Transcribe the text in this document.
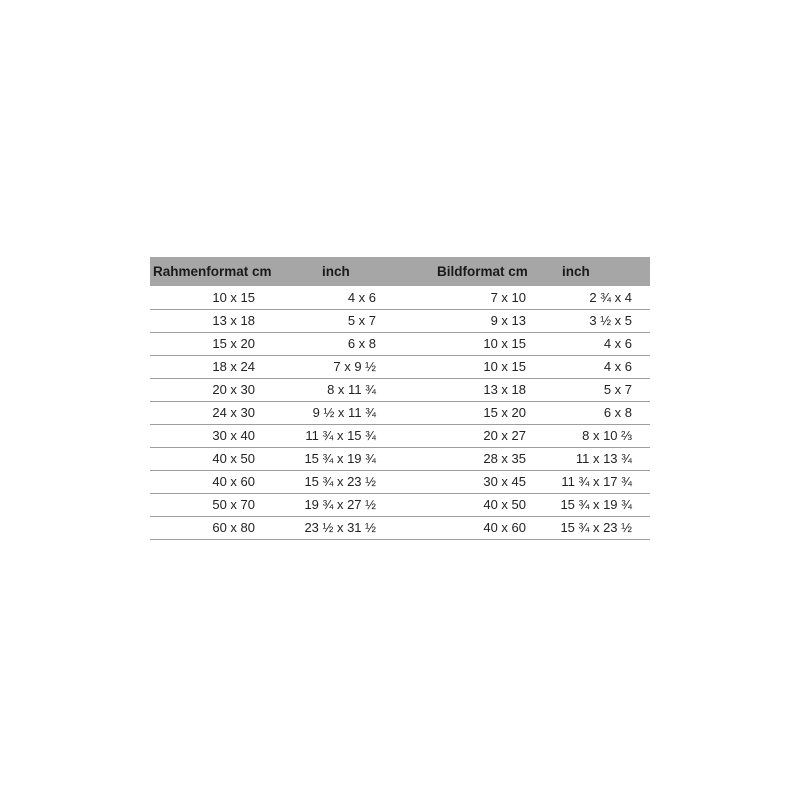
Rahmenformat cm	inch	Bildformat cm	inch
10 x 15	4 x 6	7 x 10	2 ¾ x 4
13 x 18	5 x 7	9 x 13	3 ½ x 5
15 x 20	6 x 8	10 x 15	4 x 6
18 x 24	7 x 9 ½	10 x 15	4 x 6
20 x 30	8 x 11 ¾	13 x 18	5 x 7
24 x 30	9 ½ x 11 ¾	15 x 20	6 x 8
30 x 40	11 ¾ x 15 ¾	20 x 27	8 x 10 ⅔
40 x 50	15 ¾ x 19 ¾	28 x 35	11 x 13 ¾
40 x 60	15 ¾ x 23 ½	30 x 45	11 ¾ x 17 ¾
50 x 70	19 ¾ x 27 ½	40 x 50	15 ¾ x 19 ¾
60 x 80	23 ½ x 31 ½	40 x 60	15 ¾ x 23 ½
